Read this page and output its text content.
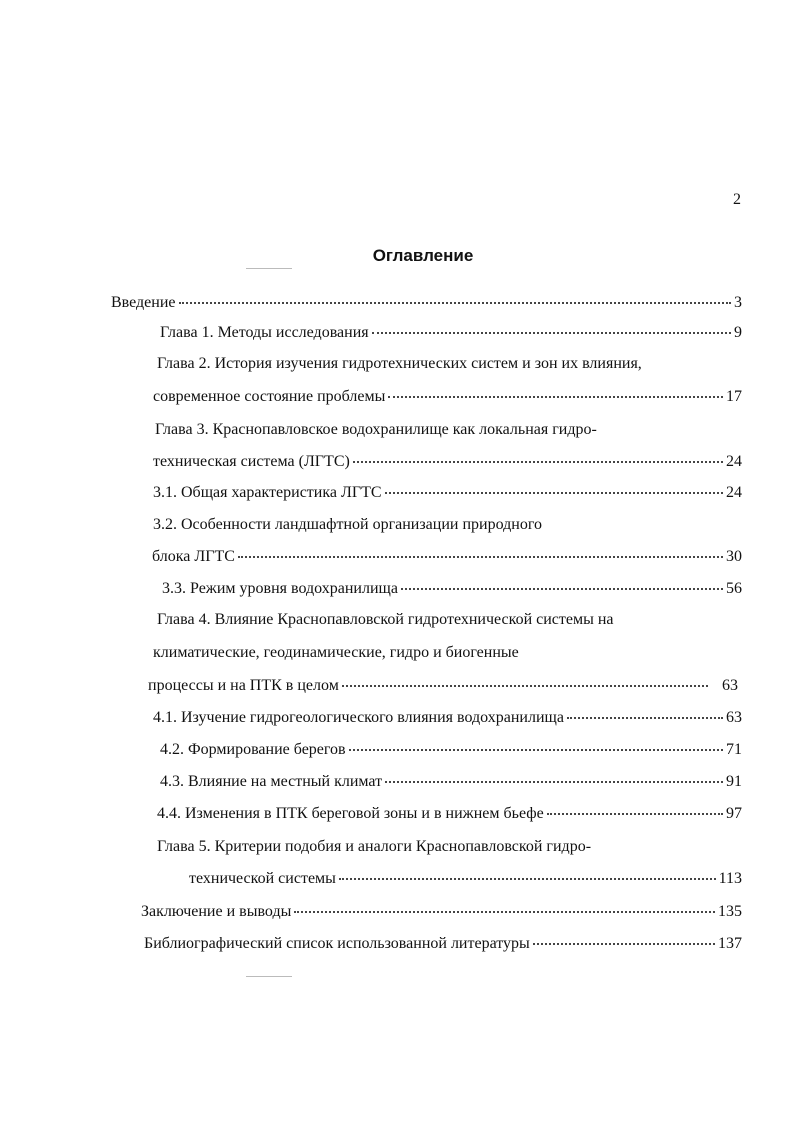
2
Оглавление
Введение	3
Глава 1. Методы исследования	9
Глава 2. История изучения гидротехнических систем и зон их влияния,
современное состояние проблемы	17
Глава 3. Краснопавловское водохранилище как локальная гидро-
техническая система (ЛГТС)	24
3.1. Общая характеристика ЛГТС	24
3.2. Особенности ландшафтной организации природного
блока ЛГТС	30
3.3. Режим уровня водохранилища	56
Глава 4. Влияние Краснопавловской гидротехнической системы на
климатические, геодинамические, гидро и биогенные
процессы и на ПТК в целом	63
4.1. Изучение гидрогеологического влияния водохранилища	63
4.2. Формирование берегов	71
4.3. Влияние на местный климат	91
4.4. Изменения в ПТК береговой зоны и в нижнем бьефе	97
Глава 5. Критерии подобия и аналоги Краснопавловской гидро-
технической системы	113
Заключение и выводы	135
Библиографический список использованной литературы	137
